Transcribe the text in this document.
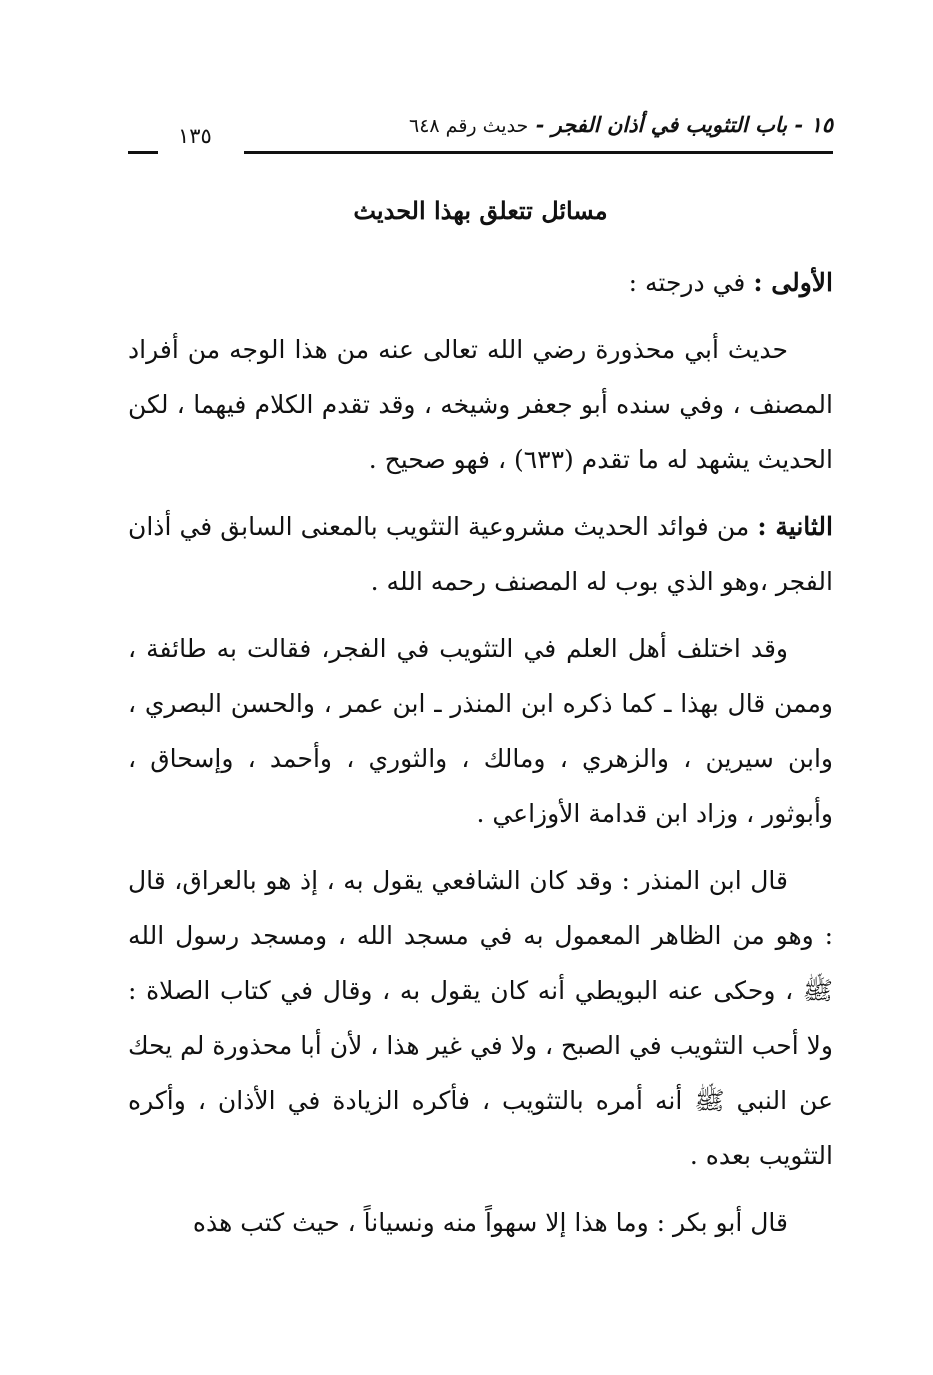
١٥ - باب التثويب في أذان الفجر - حديث رقم ٦٤٨
١٣٥
مسائل تتعلق بهذا الحديث

الأولى : في درجته :

حديث أبي محذورة رضي الله تعالى عنه من هذا الوجه من أفراد المصنف ، وفي سنده أبو جعفر وشيخه ، وقد تقدم الكلام فيهما ، لكن الحديث يشهد له ما تقدم (٦٣٣) ، فهو صحيح .

الثانية : من فوائد الحديث مشروعية التثويب بالمعنى السابق في أذان الفجر ،وهو الذي بوب له المصنف رحمه الله .

وقد اختلف أهل العلم في التثويب في الفجر، فقالت به طائفة ، وممن قال بهذا ـ كما ذكره ابن المنذر ـ ابن عمر ، والحسن البصري ، وابن سيرين ، والزهري ، ومالك ، والثوري ، وأحمد ، وإسحاق ، وأبوثور ، وزاد ابن قدامة الأوزاعي .

قال ابن المنذر : وقد كان الشافعي يقول به ، إذ هو بالعراق، قال : وهو من الظاهر المعمول به في مسجد الله ، ومسجد رسول الله ﷺ ، وحكى عنه البويطي أنه كان يقول به ، وقال في كتاب الصلاة : ولا أحب التثويب في الصبح ، ولا في غير هذا ، لأن أبا محذورة لم يحك عن النبي ﷺ أنه أمره بالتثويب ، فأكره الزيادة في الأذان ، وأكره التثويب بعده .

قال أبو بكر : وما هذا إلا سهواً منه ونسياناً ، حيث كتب هذه
